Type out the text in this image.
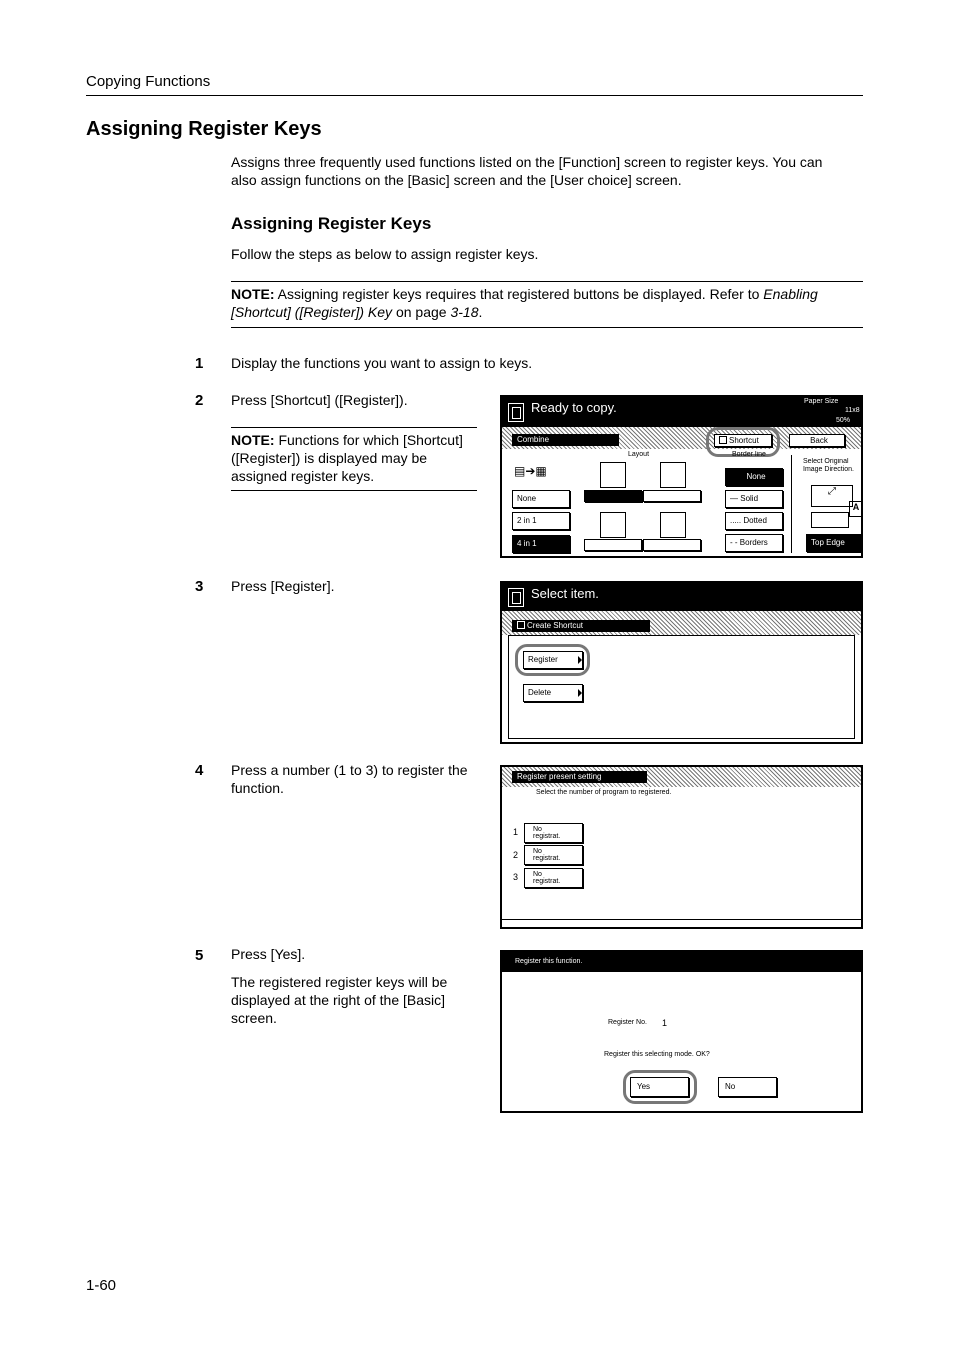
Copying Functions
Assigning Register Keys
Assigns three frequently used functions listed on the [Function] screen to register keys. You can also assign functions on the [Basic] screen and the [User choice] screen.
Assigning Register Keys
Follow the steps as below to assign register keys.
NOTE: Assigning register keys requires that registered buttons be displayed. Refer to Enabling [Shortcut] ([Register]) Key on page 3-18.
1 Display the functions you want to assign to keys.
2 Press [Shortcut] ([Register]).
NOTE: Functions for which [Shortcut] ([Register]) is displayed may be assigned register keys.
3 Press [Register].
4 Press a number (1 to 3) to register the function.
5 Press [Yes].
The registered register keys will be displayed at the right of the [Basic] screen.
Ready to copy.	Paper Size
11x8
50%
Combine	Shortcut	Back
Layout	Border line
▤➔▦
None
2 in 1
4 in 1
None
— Solid
..... Dotted
- - Borders
Select Original Image Direction.
⤢
A
Top Edge
Select item.
Create Shortcut
Register
Delete
Register present setting
Select the number of program to registered.
1 No
registrat.
2 No
registrat.
3 No
registrat.
Register this function.
Register No. 1
Register this selecting mode. OK?
Yes	No
1-60
